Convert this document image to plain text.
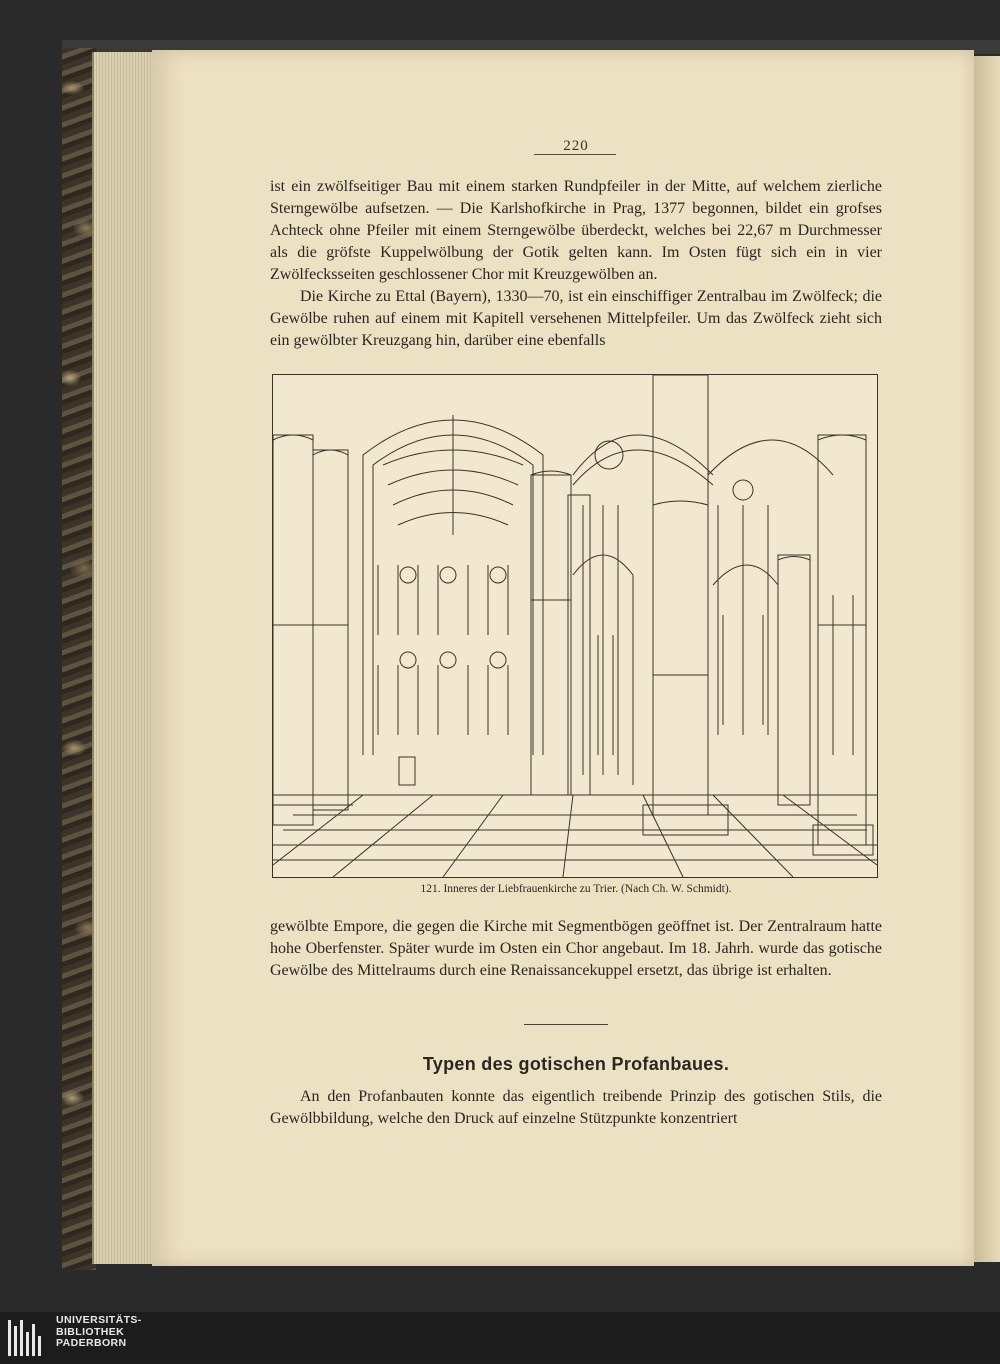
220

ist ein zwölfseitiger Bau mit einem starken Rundpfeiler in der Mitte, auf welchem zierliche Sterngewölbe aufsetzen. — Die Karlshofkirche in Prag, 1377 begonnen, bildet ein grofses Achteck ohne Pfeiler mit einem Sterngewölbe überdeckt, welches bei 22,67 m Durchmesser als die gröfste Kuppelwölbung der Gotik gelten kann. Im Osten fügt sich ein in vier Zwölfecksseiten geschlossener Chor mit Kreuzgewölben an.

Die Kirche zu Ettal (Bayern), 1330—70, ist ein einschiffiger Zentralbau im Zwölfeck; die Gewölbe ruhen auf einem mit Kapitell versehenen Mittelpfeiler. Um das Zwölfeck zieht sich ein gewölbter Kreuzgang hin, darüber eine ebenfalls

121. Inneres der Liebfrauenkirche zu Trier. (Nach Ch. W. Schmidt).

gewölbte Empore, die gegen die Kirche mit Segmentbögen geöffnet ist. Der Zentralraum hatte hohe Oberfenster. Später wurde im Osten ein Chor angebaut. Im 18. Jahrh. wurde das gotische Gewölbe des Mittelraums durch eine Renaissancekuppel ersetzt, das übrige ist erhalten.

Typen des gotischen Profanbaues.

An den Profanbauten konnte das eigentlich treibende Prinzip des gotischen Stils, die Gewölbbildung, welche den Druck auf einzelne Stützpunkte konzentriert

UNIVERSITÄTS-
BIBLIOTHEK
PADERBORN
